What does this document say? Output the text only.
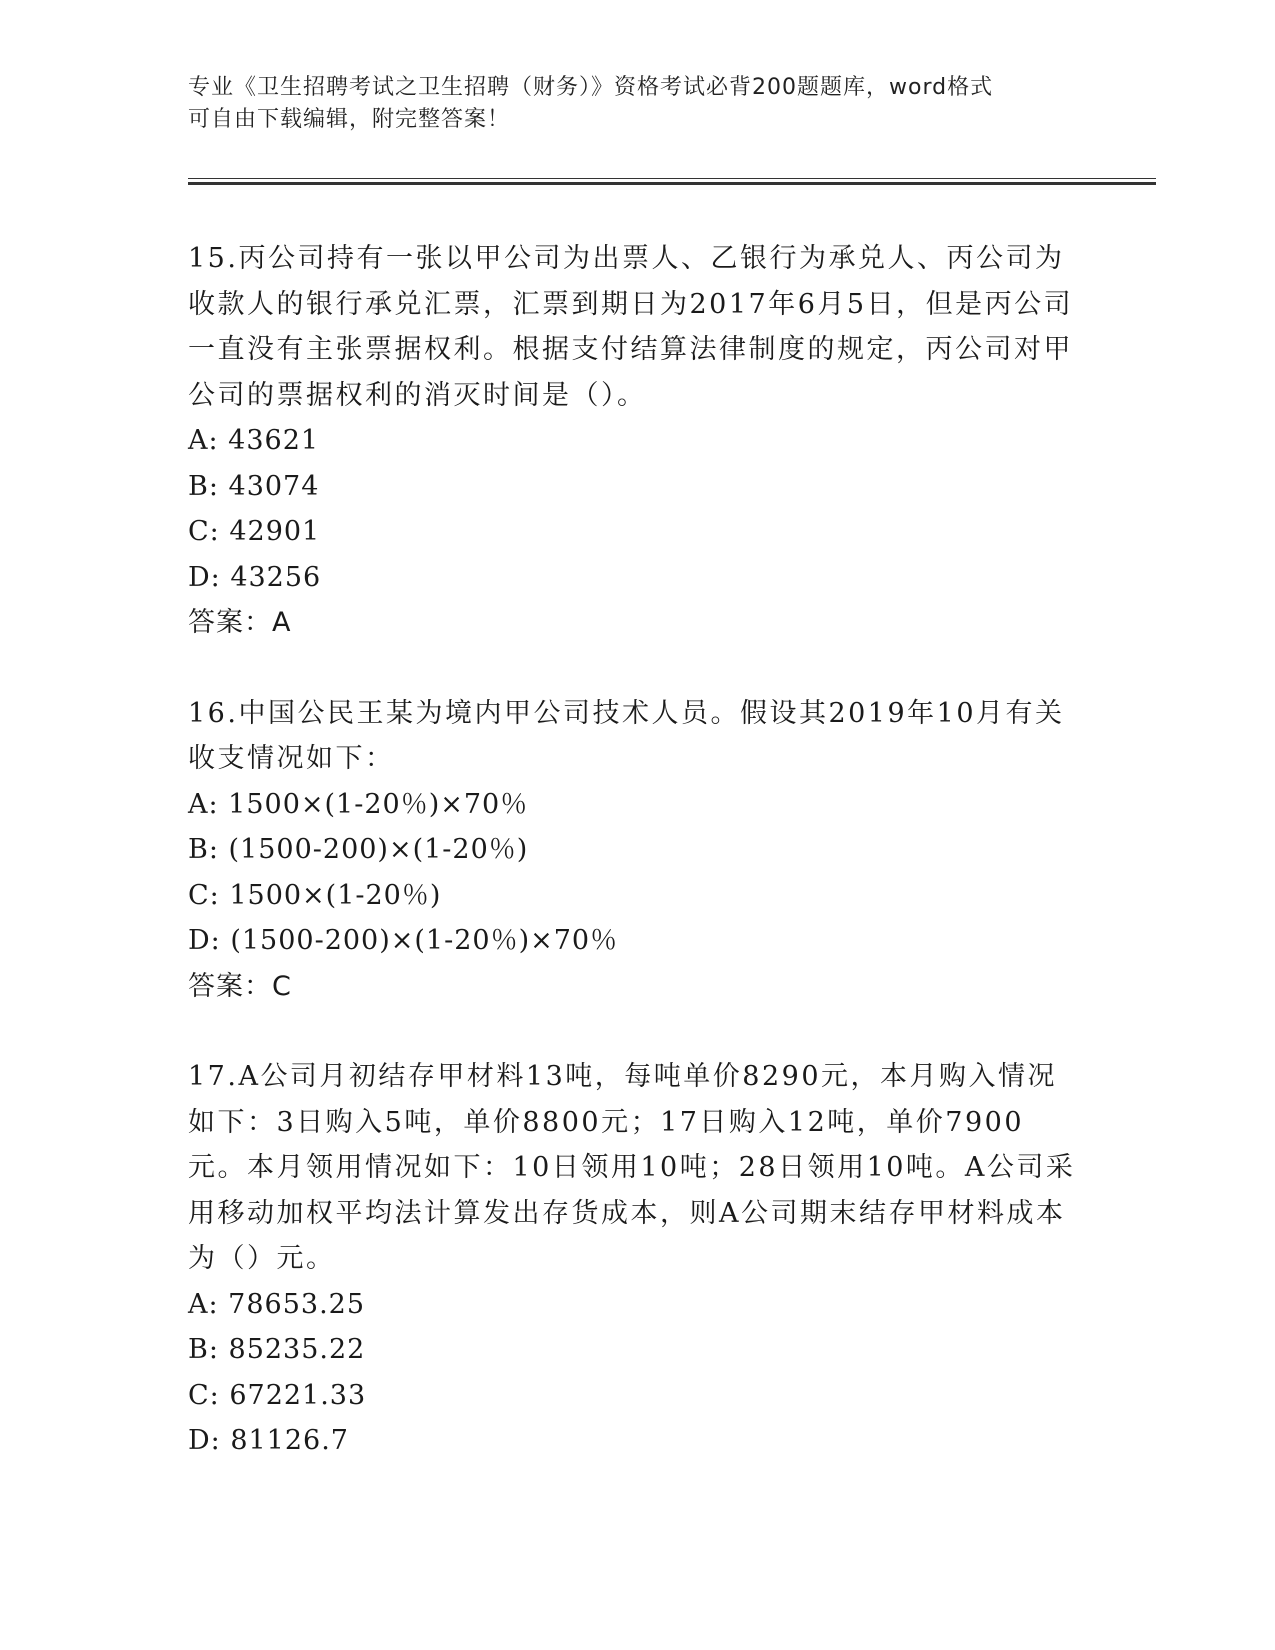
专业《卫生招聘考试之卫生招聘（财务）》资格考试必背200题题库，word格式
可自由下载编辑，附完整答案！

15.丙公司持有一张以甲公司为出票人、乙银行为承兑人、丙公司为收款人的银行承兑汇票，汇票到期日为2017年6月5日，但是丙公司一直没有主张票据权利。根据支付结算法律制度的规定，丙公司对甲公司的票据权利的消灭时间是（）。

A: 43621

B: 43074

C: 42901

D: 43256

答案：A

16.中国公民王某为境内甲公司技术人员。假设其2019年10月有关收支情况如下：

A: 1500×(1-20％)×70％

B: (1500-200)×(1-20％)

C: 1500×(1-20％)

D: (1500-200)×(1-20％)×70％

答案：C

17.A公司月初结存甲材料13吨，每吨单价8290元，本月购入情况如下：3日购入5吨，单价8800元；17日购入12吨，单价7900元。本月领用情况如下：10日领用10吨；28日领用10吨。A公司采用移动加权平均法计算发出存货成本，则A公司期末结存甲材料成本为（）元。

A: 78653.25

B: 85235.22

C: 67221.33

D: 81126.7
